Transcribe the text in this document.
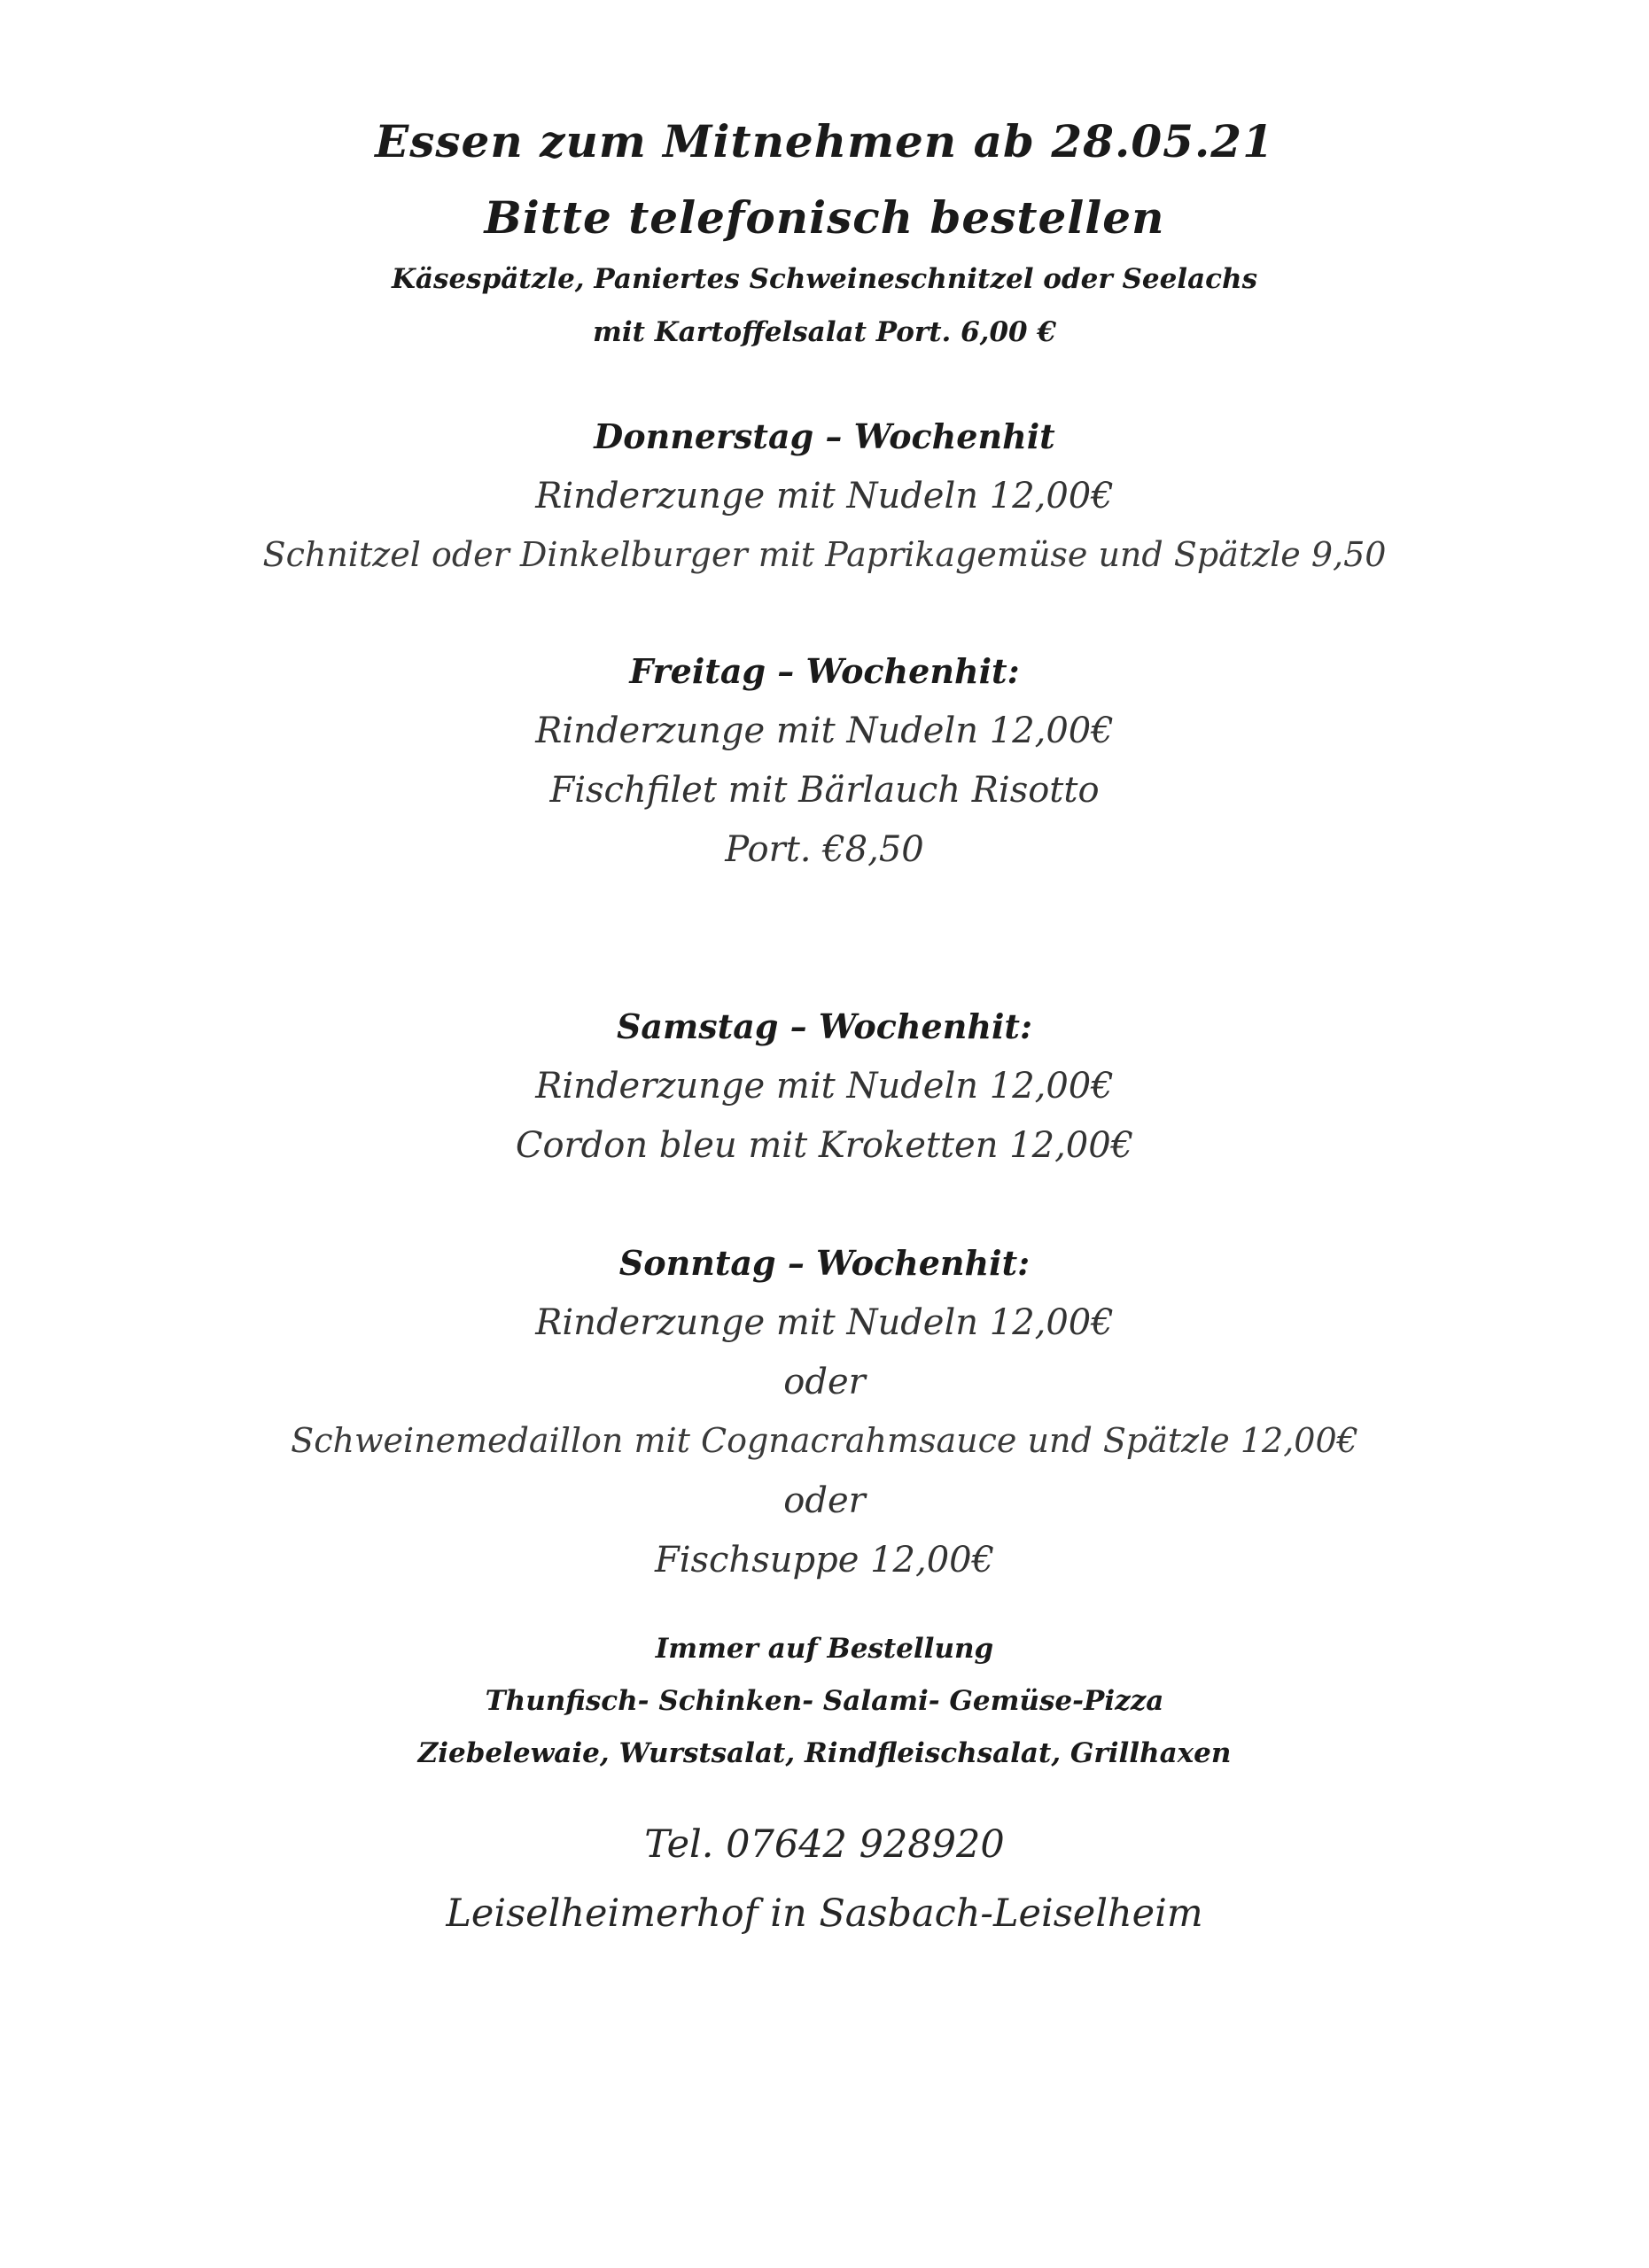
Essen zum Mitnehmen ab 28.05.21
Bitte telefonisch bestellen
Käsespätzle, Paniertes Schweineschnitzel oder Seelachs
mit Kartoffelsalat Port. 6,00 €
Donnerstag – Wochenhit
Rinderzunge mit Nudeln 12,00€
Schnitzel oder Dinkelburger mit Paprikagemüse und Spätzle 9,50
Freitag – Wochenhit:
Rinderzunge mit Nudeln 12,00€
Fischfilet mit Bärlauch Risotto
Port. €8,50
Samstag – Wochenhit:
Rinderzunge mit Nudeln 12,00€
Cordon bleu mit Kroketten 12,00€
Sonntag – Wochenhit:
Rinderzunge mit Nudeln 12,00€
oder
Schweinemedaillon mit Cognacrahmsauce und Spätzle 12,00€
oder
Fischsuppe 12,00€
Immer auf Bestellung
Thunfisch- Schinken- Salami- Gemüse-Pizza
Ziebelewaie, Wurstsalat, Rindfleischsalat, Grillhaxen
Tel. 07642 928920
Leiselheimerhof in Sasbach-Leiselheim
